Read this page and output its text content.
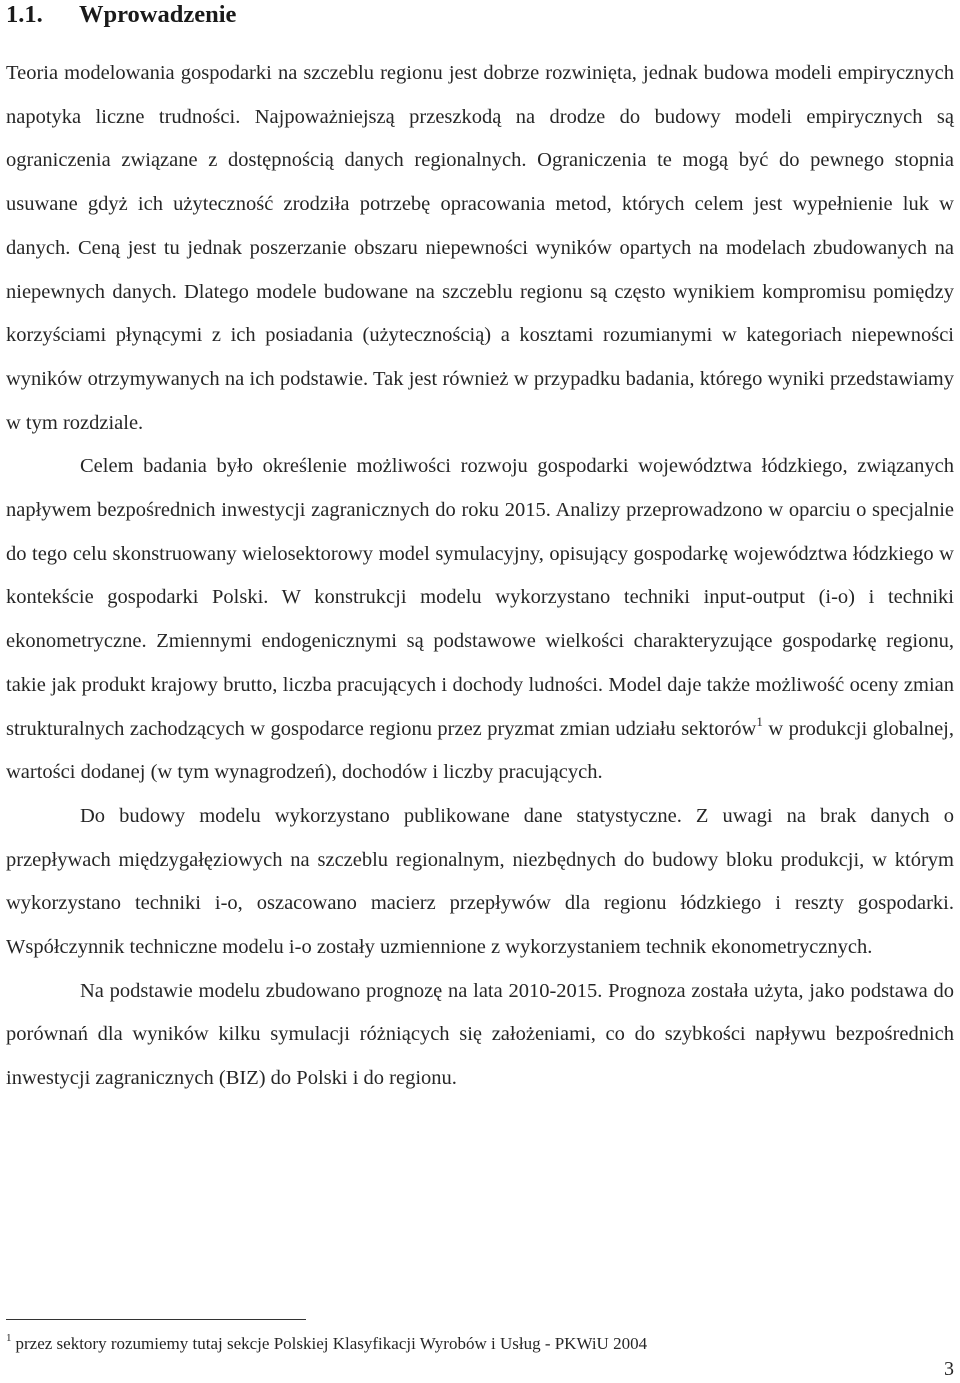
1.1. Wprowadzenie

Teoria modelowania gospodarki na szczeblu regionu jest dobrze rozwinięta, jednak budowa modeli empirycznych napotyka liczne trudności. Najpoważniejszą przeszkodą na drodze do budowy modeli empirycznych są ograniczenia związane z dostępnością danych regionalnych. Ograniczenia te mogą być do pewnego stopnia usuwane gdyż ich użyteczność zrodziła potrzebę opracowania metod, których celem jest wypełnienie luk w danych. Ceną jest tu jednak poszerzanie obszaru niepewności wyników opartych na modelach zbudowanych na niepewnych danych. Dlatego modele budowane na szczeblu regionu są często wynikiem kompromisu pomiędzy korzyściami płynącymi z ich posiadania (użytecznością) a kosztami rozumianymi w kategoriach niepewności wyników otrzymywanych na ich podstawie. Tak jest również w przypadku badania, którego wyniki przedstawiamy w tym rozdziale.

Celem badania było określenie możliwości rozwoju gospodarki województwa łódzkiego, związanych napływem bezpośrednich inwestycji zagranicznych do roku 2015. Analizy przeprowadzono w oparciu o specjalnie do tego celu skonstruowany wielosektorowy model symulacyjny, opisujący gospodarkę województwa łódzkiego w kontekście gospodarki Polski. W konstrukcji modelu wykorzystano techniki input-output (i-o) i techniki ekonometryczne. Zmiennymi endogenicznymi są podstawowe wielkości charakteryzujące gospodarkę regionu, takie jak produkt krajowy brutto, liczba pracujących i dochody ludności. Model daje także możliwość oceny zmian strukturalnych zachodzących w gospodarce regionu przez pryzmat zmian udziału sektorów$^1$ w produkcji globalnej, wartości dodanej (w tym wynagrodzeń), dochodów i liczby pracujących.

Do budowy modelu wykorzystano publikowane dane statystyczne. Z uwagi na brak danych o przepływach międzygałęziowych na szczeblu regionalnym, niezbędnych do budowy bloku produkcji, w którym wykorzystano techniki i-o, oszacowano macierz przepływów dla regionu łódzkiego i reszty gospodarki. Współczynnik techniczne modelu i-o zostały uzmiennione z wykorzystaniem technik ekonometrycznych.

Na podstawie modelu zbudowano prognozę na lata 2010-2015. Prognoza została użyta, jako podstawa do porównań dla wyników kilku symulacji różniących się założeniami, co do szybkości napływu bezpośrednich inwestycji zagranicznych (BIZ) do Polski i do regionu.

$^1$ przez sektory rozumiemy tutaj sekcje Polskiej Klasyfikacji Wyrobów i Usług - PKWiU 2004
3
